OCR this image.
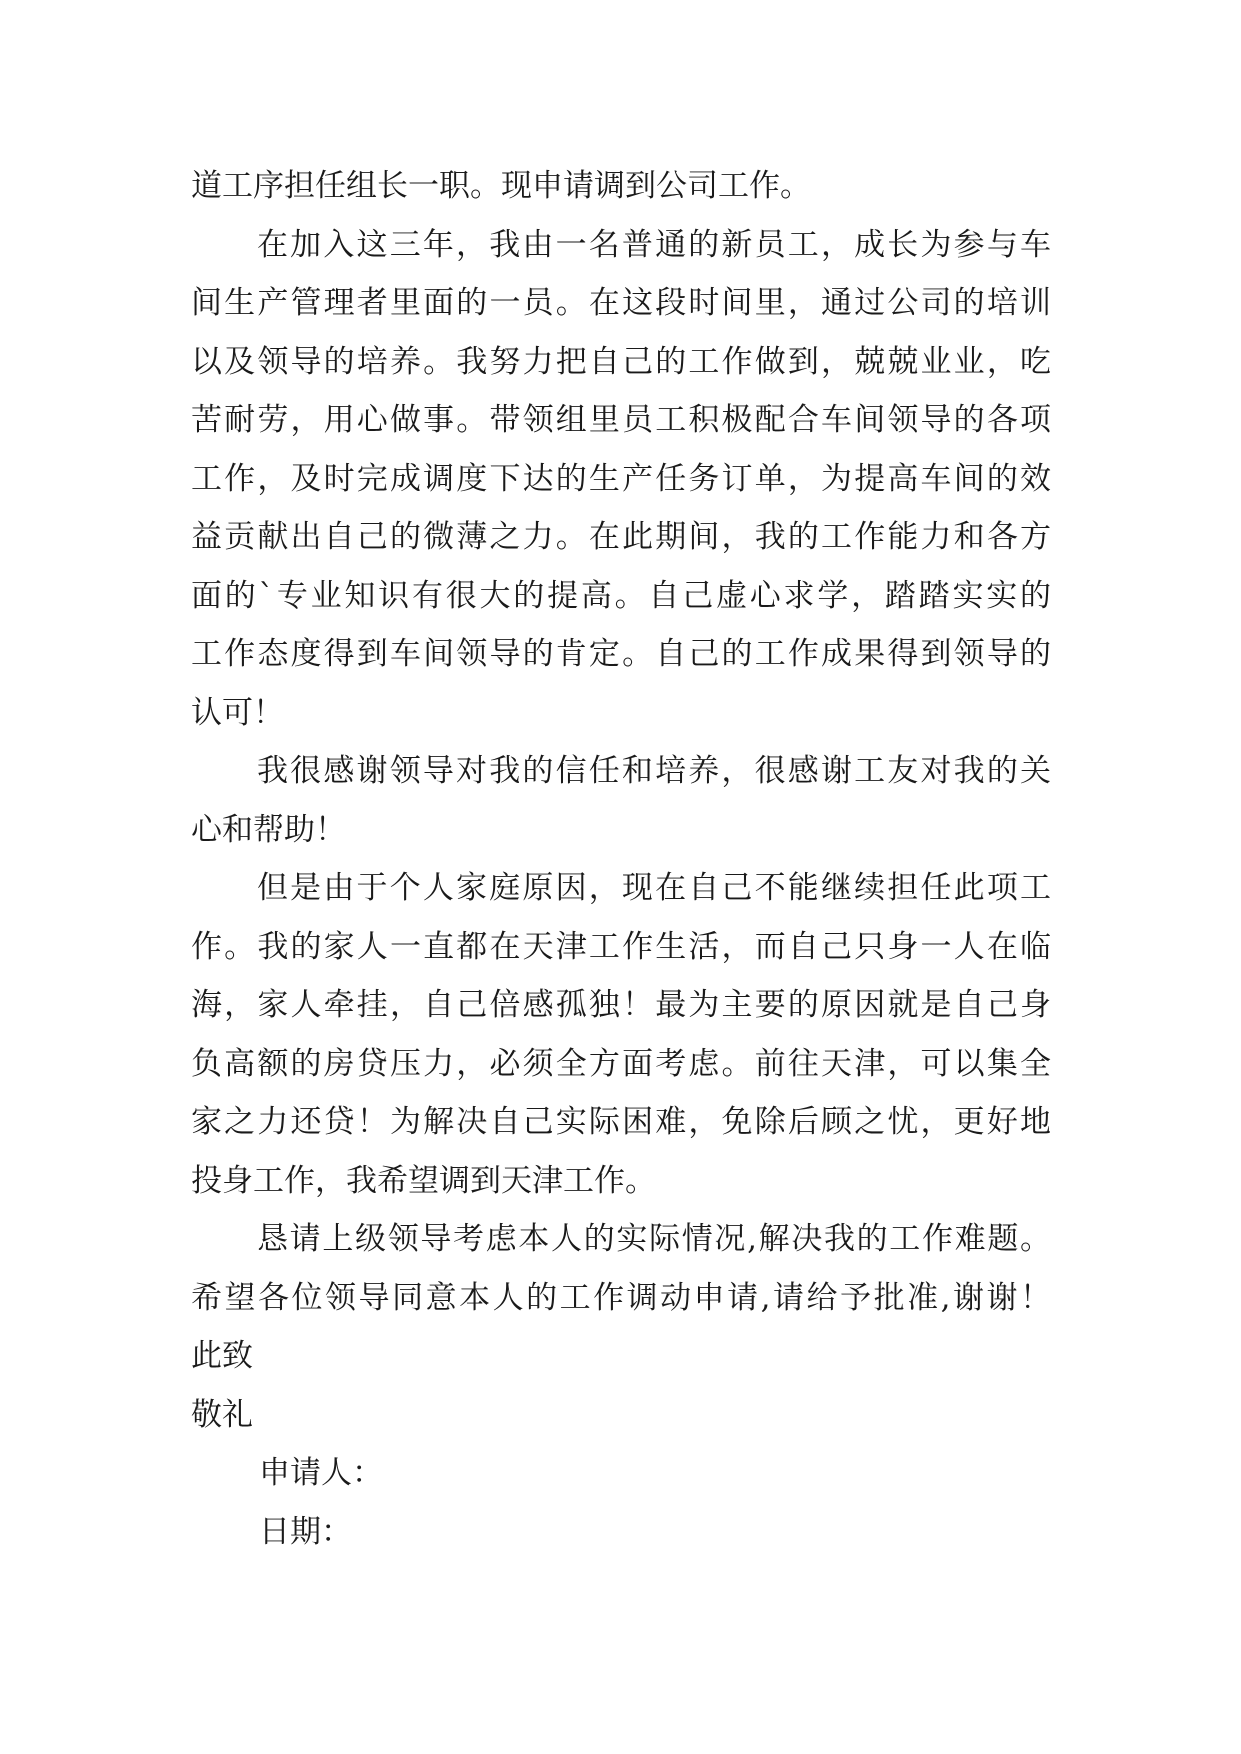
道工序担任组长一职。现申请调到公司工作。
在加入这三年，我由一名普通的新员工，成长为参与车
间生产管理者里面的一员。在这段时间里，通过公司的培训
以及领导的培养。我努力把自己的工作做到，兢兢业业，吃
苦耐劳，用心做事。带领组里员工积极配合车间领导的各项
工作，及时完成调度下达的生产任务订单，为提高车间的效
益贡献出自己的微薄之力。在此期间，我的工作能力和各方
面的`专业知识有很大的提高。自己虚心求学，踏踏实实的
工作态度得到车间领导的肯定。自己的工作成果得到领导的
认可！
我很感谢领导对我的信任和培养，很感谢工友对我的关
心和帮助！
但是由于个人家庭原因，现在自己不能继续担任此项工
作。我的家人一直都在天津工作生活，而自己只身一人在临
海，家人牵挂，自己倍感孤独！最为主要的原因就是自己身
负高额的房贷压力，必须全方面考虑。前往天津，可以集全
家之力还贷！为解决自己实际困难，免除后顾之忧，更好地
投身工作，我希望调到天津工作。
恳请上级领导考虑本人的实际情况,解决我的工作难题。
希望各位领导同意本人的工作调动申请,请给予批准,谢谢！
此致
敬礼
申请人：
日期：
